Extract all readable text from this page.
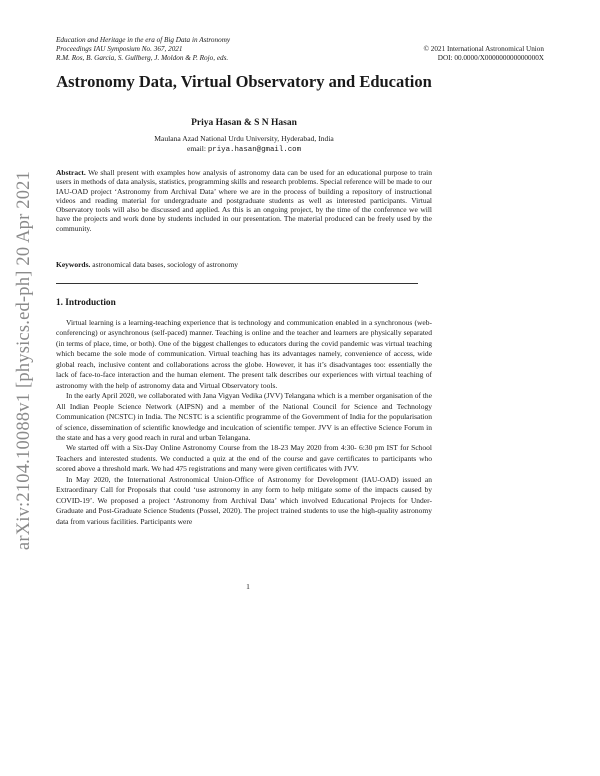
arXiv:2104.10088v1 [physics.ed-ph] 20 Apr 2021
Education and Heritage in the era of Big Data in Astronomy
Proceedings IAU Symposium No. 367, 2021
R.M. Ros, B. Garcia, S. Gullberg, J. Moldon & P. Rojo, eds.
© 2021 International Astronomical Union
DOI: 00.0000/X000000000000000X
Astronomy Data, Virtual Observatory and Education
Priya Hasan & S N Hasan
Maulana Azad National Urdu University, Hyderabad, India
email: priya.hasan@gmail.com
Abstract. We shall present with examples how analysis of astronomy data can be used for an educational purpose to train users in methods of data analysis, statistics, programming skills and research problems. Special reference will be made to our IAU-OAD project ‘Astronomy from Archival Data’ where we are in the process of building a repository of instructional videos and reading material for undergraduate and postgraduate students as well as interested participants. Virtual Observatory tools will also be discussed and applied. As this is an ongoing project, by the time of the conference we will have the projects and work done by students included in our presentation. The material produced can be freely used by the community.
Keywords. astronomical data bases, sociology of astronomy
1. Introduction

Virtual learning is a learning-teaching experience that is technology and communication enabled in a synchronous (web-conferencing) or asynchronous (self-paced) manner. Teaching is online and the teacher and learners are physically separated (in terms of place, time, or both). One of the biggest challenges to educators during the covid pandemic was virtual teaching which became the sole mode of communication. Virtual teaching has its advantages namely, convenience of access, wide global reach, inclusive content and collaborations across the globe. However, it has it’s disadvantages too: essentially the lack of face-to-face interaction and the human element. The present talk describes our experiences with virtual teaching of astronomy with the help of astronomy data and Virtual Observatory tools.

In the early April 2020, we collaborated with Jana Vigyan Vedika (JVV) Telangana which is a member organisation of the All Indian People Science Network (AIPSN) and a member of the National Council for Science and Technology Communication (NCSTC) in India. The NCSTC is a scientific programme of the Government of India for the popularisation of science, dissemination of scientific knowledge and inculcation of scientific temper. JVV is an effective Science Forum in the state and has a very good reach in rural and urban Telangana.

We started off with a Six-Day Online Astronomy Course from the 18-23 May 2020 from 4:30- 6:30 pm IST for School Teachers and interested students. We conducted a quiz at the end of the course and gave certificates to participants who scored above a threshold mark. We had 475 registrations and many were given certificates with JVV.

In May 2020, the International Astronomical Union-Office of Astronomy for Development (IAU-OAD) issued an Extraordinary Call for Proposals that could ‘use astronomy in any form to help mitigate some of the impacts caused by COVID-19’. We proposed a project ‘Astronomy from Archival Data’ which involved Educational Projects for Under-Graduate and Post-Graduate Science Students (Possel, 2020). The project trained students to use the high-quality astronomy data from various facilities. Participants were

1
